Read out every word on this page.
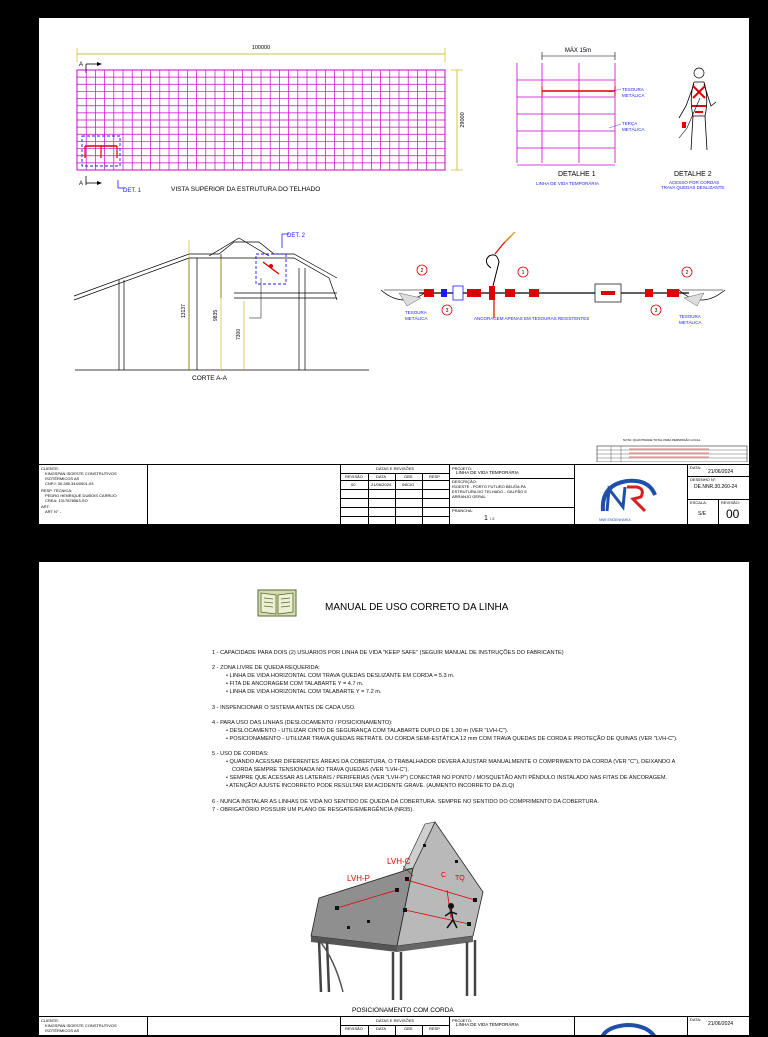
100000
29000
A
A
DET. 1	VISTA SUPERIOR DA ESTRUTURA DO TELHADO
MÁX 15m
TESOURA
METÁLICA
TERÇA
METÁLICA
DETALHE 1
LINHA DE VIDA TEMPORÁRIA
DETALHE 2
ACESSO POR CORDAS
TRAVA QUEDAS DESLIZANTE
13137	9835
7300
DET. 2
CORTE A-A
2
3
1	2
3
TESOURA
METÁLICA	TESOURA
METÁLICA
ANCORAGEM APENAS EM TESOURAS RESISTENTES
NOTA: QUANTIDADE TOTAL PARA PERMISSÃO LOCAL
CLIENTE:
KINGSPAN ISOESTE CONSTRUTIVOS
ISOTÉRMICOS AS
CNPJ: 30.285.344/0001-93
RESP. TÉCNICA:
PEDRO HENRIQUE DUBOIS CARRIJO
CREA: 1317878563-SO
ART:
ART N° -
DATAS E REVISÕES
REVISÃO	DATA	OBS	RESP
00	21/06/2024	INÍCIO
PROJETO:
LINHA DE VIDA TEMPORÁRIA
DESCRIÇÃO:
ISOESTE - PORTO FUTURO BELÉM-PA
ESTRUTURA DO TELHADO - GALPÃO 5
ARRANJO GERAL
PRANCHA:
1 / 2	NNR ENGENHARIA
DATA:
21/06/2024
DESENHO N°:
DE.NNR.30.260-24
ESCALA:
S/E
REVISÃO:
00
MANUAL DE USO CORRETO DA LINHA

1 - CAPACIDADE PARA DOIS (2) USUÁRIOS POR LINHA DE VIDA "KEEP SAFE" (SEGUIR MANUAL DE INSTRUÇÕES DO FABRICANTE)

2 - ZONA LIVRE DE QUEDA REQUERIDA:

• LINHA DE VIDA HORIZONTAL COM TRAVA QUEDAS DESLIZANTE EM CORDA = 5.3 m.

• FITA DE ANCORAGEM COM TALABARTE Y = 4.7 m.

• LINHA DE VIDA HORIZONTAL COM TALABARTE Y = 7.2 m.

3 - INSPENCIONAR O SISTEMA ANTES DE CADA USO.

4 - PARA USO DAS LINHAS (DESLOCAMENTO / POSICIONAMENTO):

• DESLOCAMENTO - UTILIZAR CINTO DE SEGURANÇA COM TALABARTE DUPLO DE 1.30 m (VER "LVH-C").

• POSICIONAMENTO - UTILIZAR TRAVA QUEDAS RETRÁTIL OU CORDA SEMI-ESTÁTICA 12 mm COM TRAVA QUEDAS DE CORDA E PROTEÇÃO DE QUINAS (VER "LVH-C").

5 - USO DE CORDAS:

• QUANDO ACESSAR DIFERENTES ÁREAS DA COBERTURA, O TRABALHADOR DEVERÁ AJUSTAR MANUALMENTE O COMPRIMENTO DA CORDA (VER "C"), DEIXANDO A

CORDA SEMPRE TENSIONADA NO TRAVA QUEDAS (VER "LVH-C").

• SEMPRE QUE ACESSAR AS LATERAIS / PERIFERIAS (VER "LVH-P") CONECTAR NO PONTO / MOSQUETÃO ANTI PÊNDULO INSTALADO NAS FITAS DE ANCORAGEM.

• ATENÇÃO! AJUSTE INCORRETO PODE RESULTAR EM ACIDENTE GRAVE. (AUMENTO INCORRETO DA ZLQ)

6 - NUNCA INSTALAR AS LINHAS DE VIDA NO SENTIDO DE QUEDA DA COBERTURA. SEMPRE NO SENTIDO DO COMPRIMENTO DA COBERTURA.

7 - OBRIGATÓRIO POSSUIR UM PLANO DE RESGATE/EMERGÊNCIA (NR35).

LVH-C
LVH-P	C TQ
POSICIONAMENTO COM CORDA
CLIENTE:
KINGSPAN ISOESTE CONSTRUTIVOS
ISOTÉRMICOS AS
DATAS E REVISÕES
REVISÃO	DATA	OBS	RESP
PROJETO:
LINHA DE VIDA TEMPORÁRIA
DATA:
21/06/2024
